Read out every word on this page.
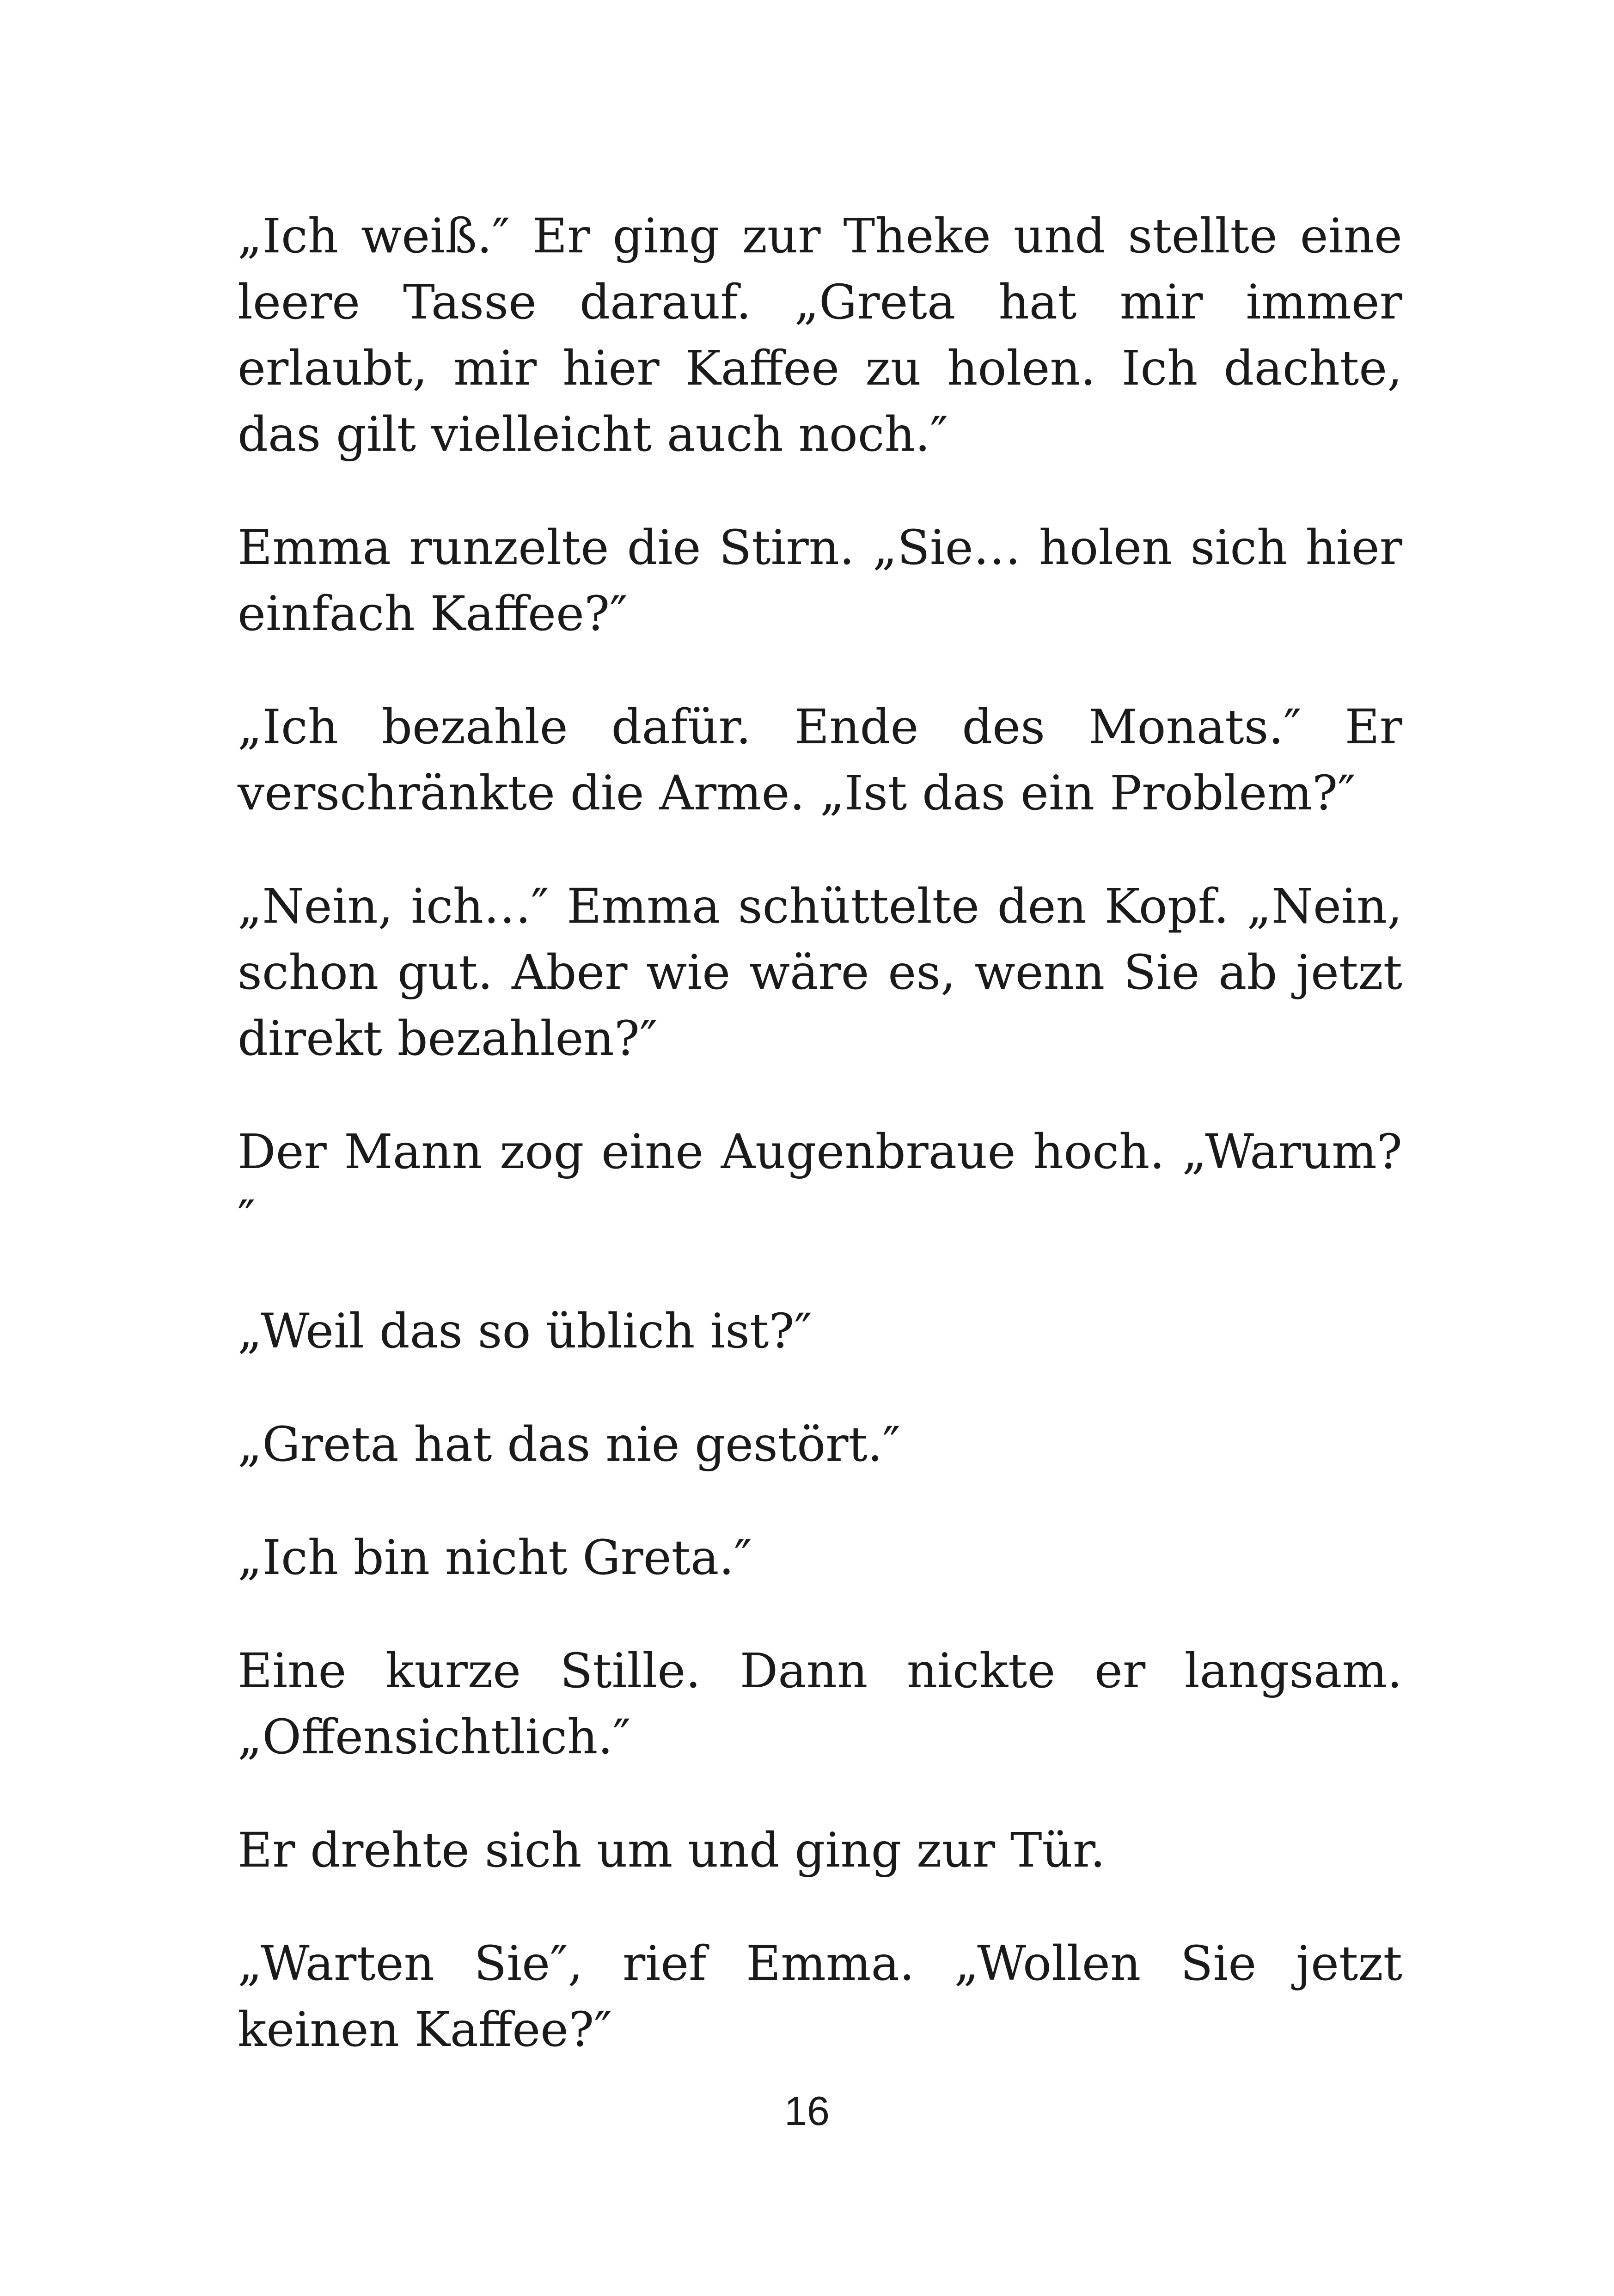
„Ich weiß.″ Er ging zur Theke und stellte eine leere Tasse darauf. „Greta hat mir immer erlaubt, mir hier Kaffee zu holen. Ich dachte, das gilt vielleicht auch noch.″

Emma runzelte die Stirn. „Sie… holen sich hier einfach Kaffee?″

„Ich bezahle dafür. Ende des Monats.″ Er verschränkte die Arme. „Ist das ein Problem?″

„Nein, ich…″ Emma schüttelte den Kopf. „Nein, schon gut. Aber wie wäre es, wenn Sie ab jetzt direkt bezahlen?″

Der Mann zog eine Augenbraue hoch. „Warum?″

„Weil das so üblich ist?″

„Greta hat das nie gestört.″

„Ich bin nicht Greta.″

Eine kurze Stille. Dann nickte er langsam. „Offensichtlich.″

Er drehte sich um und ging zur Tür.

„Warten Sie″, rief Emma. „Wollen Sie jetzt keinen Kaffee?″

16
